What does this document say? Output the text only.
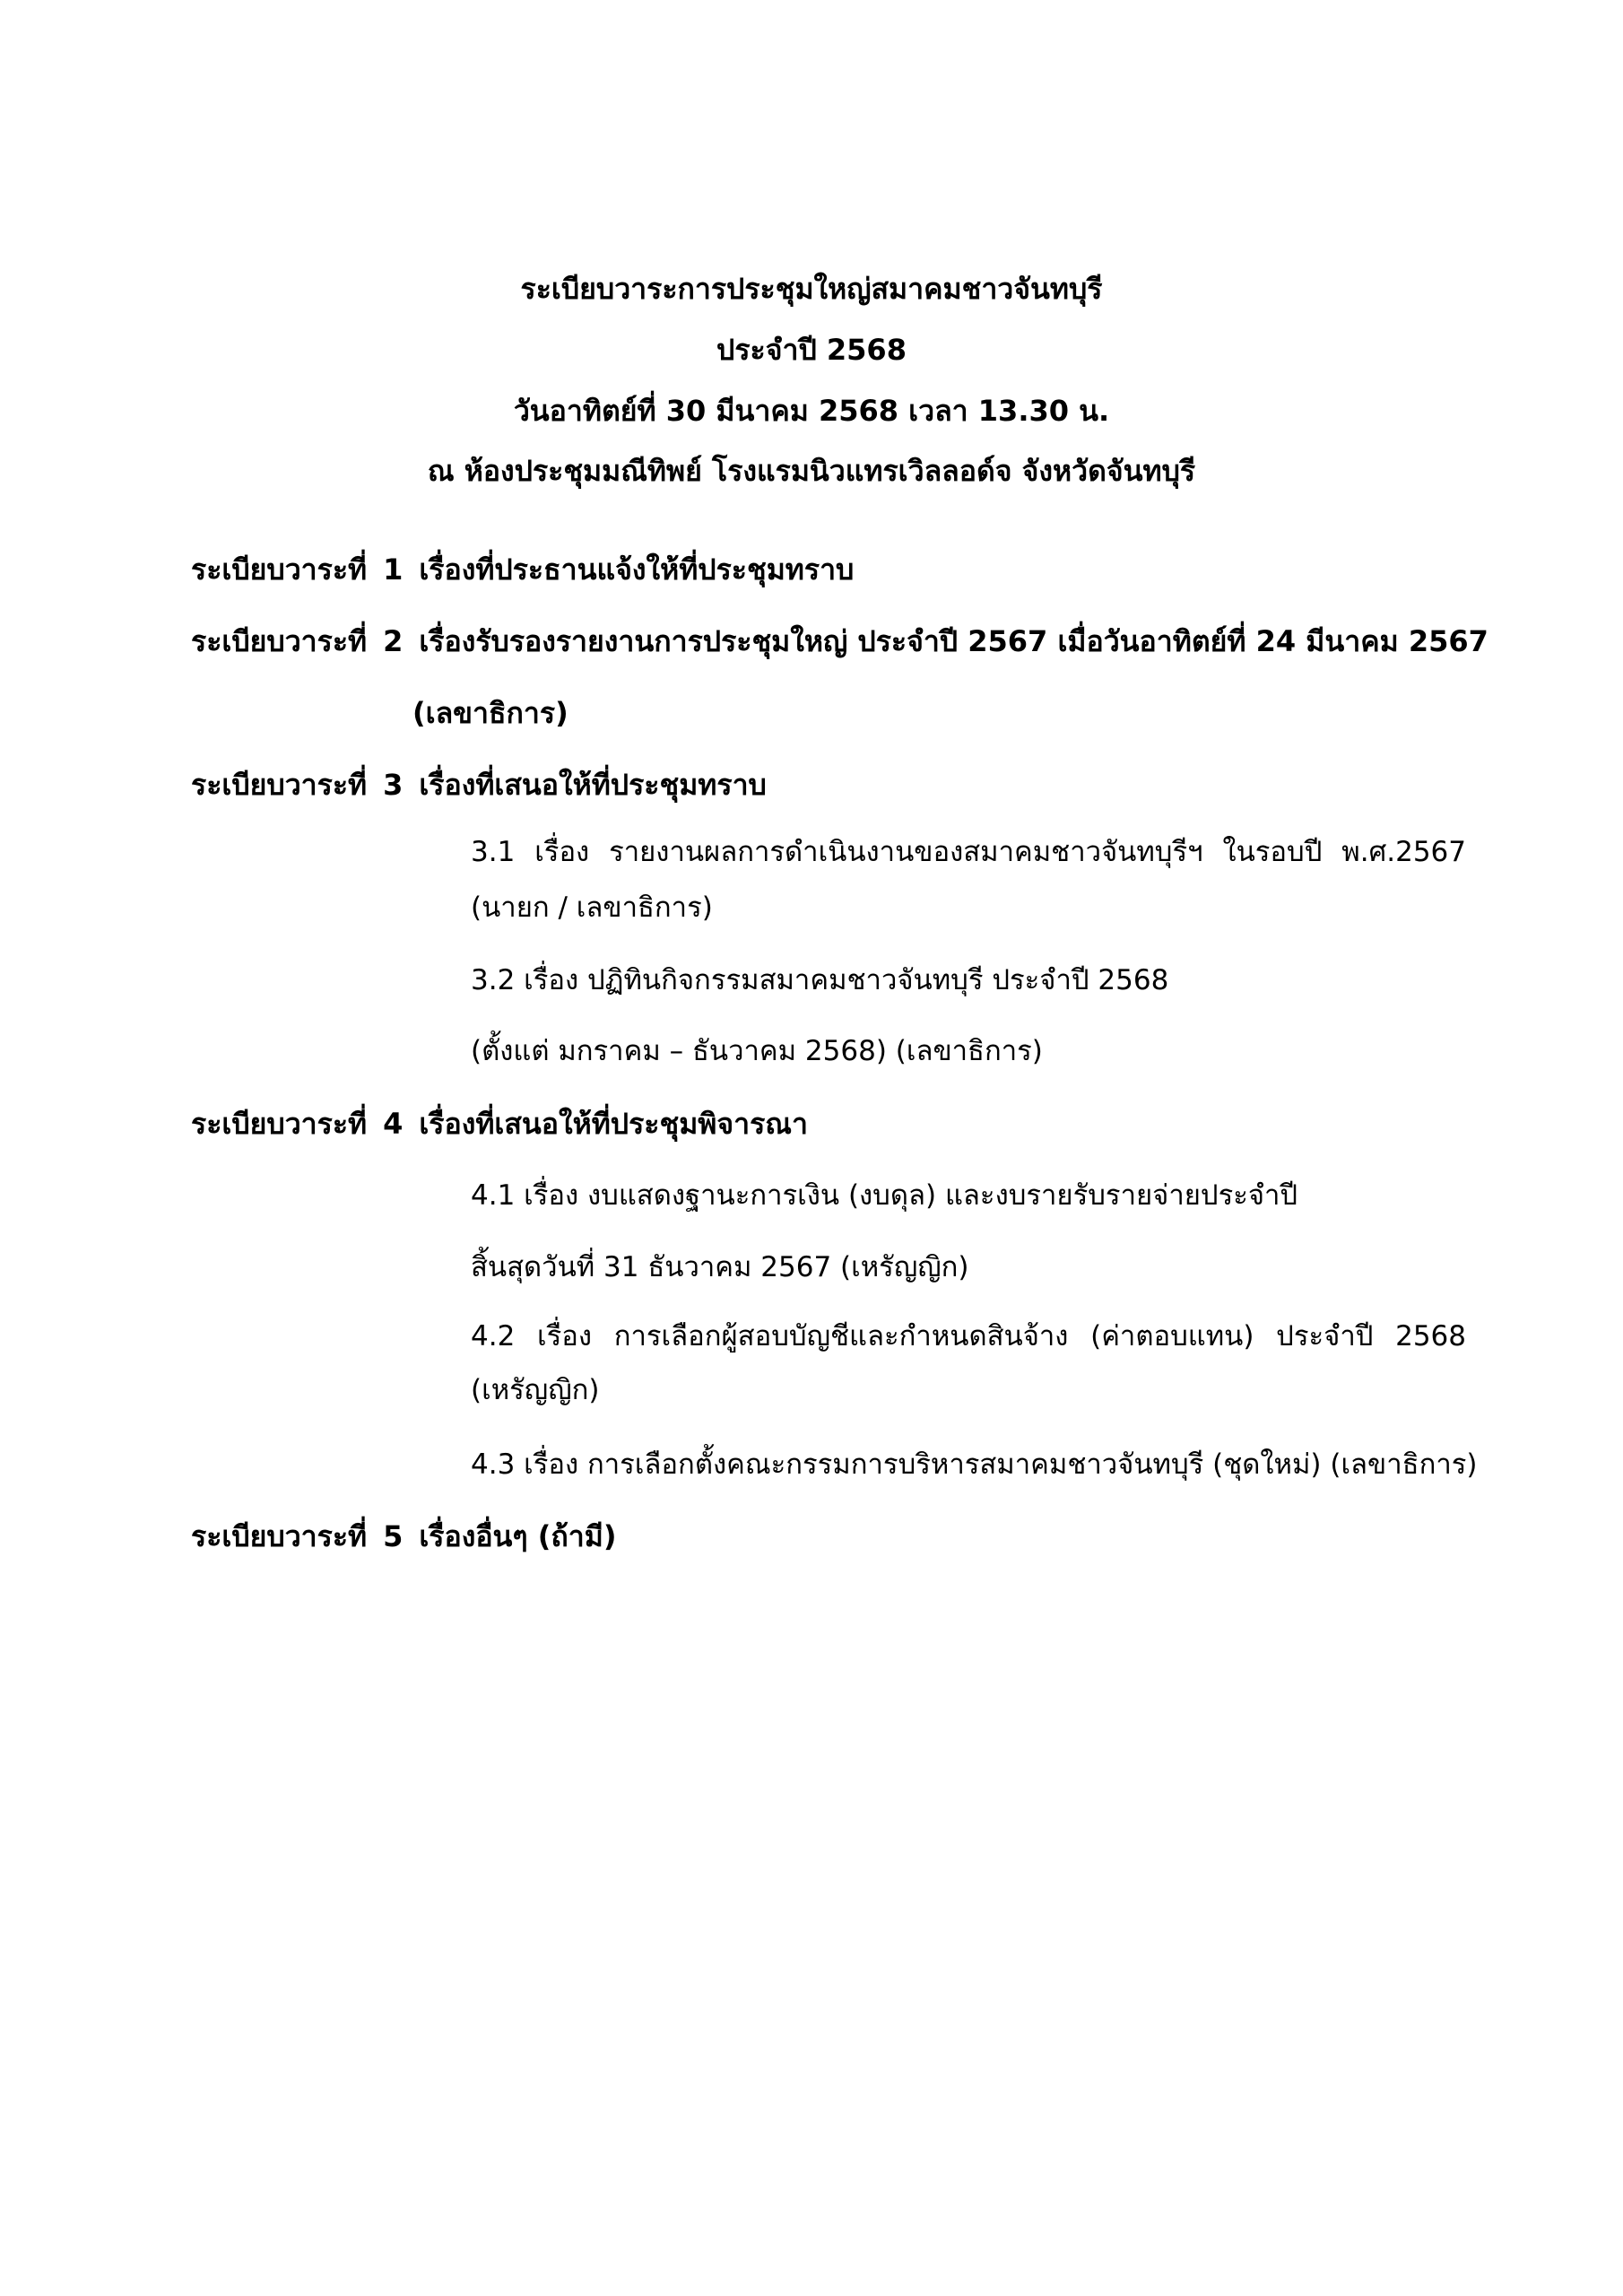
ระเบียบวาระการประชุมใหญ่สมาคมชาวจันทบุรี
ประจำปี 2568
วันอาทิตย์ที่ 30 มีนาคม 2568 เวลา 13.30 น.
ณ ห้องประชุมมณีทิพย์ โรงแรมนิวแทรเวิลลอด์จ จังหวัดจันทบุรี
ระเบียบวาระที่ 1 เรื่องที่ประธานแจ้งให้ที่ประชุมทราบ
ระเบียบวาระที่ 2 เรื่องรับรองรายงานการประชุมใหญ่ ประจำปี 2567 เมื่อวันอาทิตย์ที่ 24 มีนาคม 2567
(เลขาธิการ)
ระเบียบวาระที่ 3 เรื่องที่เสนอให้ที่ประชุมทราบ
3.1 เรื่อง รายงานผลการดำเนินงานของสมาคมชาวจันทบุรีฯ ในรอบปี พ.ศ.2567
(นายก / เลขาธิการ)
3.2 เรื่อง ปฏิทินกิจกรรมสมาคมชาวจันทบุรี ประจำปี 2568
(ตั้งแต่ มกราคม – ธันวาคม 2568) (เลขาธิการ)
ระเบียบวาระที่ 4 เรื่องที่เสนอให้ที่ประชุมพิจารณา
4.1 เรื่อง งบแสดงฐานะการเงิน (งบดุล) และงบรายรับรายจ่ายประจำปี
สิ้นสุดวันที่ 31 ธันวาคม 2567 (เหรัญญิก)
4.2 เรื่อง การเลือกผู้สอบบัญชีและกำหนดสินจ้าง (ค่าตอบแทน) ประจำปี 2568
(เหรัญญิก)
4.3 เรื่อง การเลือกตั้งคณะกรรมการบริหารสมาคมชาวจันทบุรี (ชุดใหม่) (เลขาธิการ)
ระเบียบวาระที่ 5 เรื่องอื่นๆ (ถ้ามี)
